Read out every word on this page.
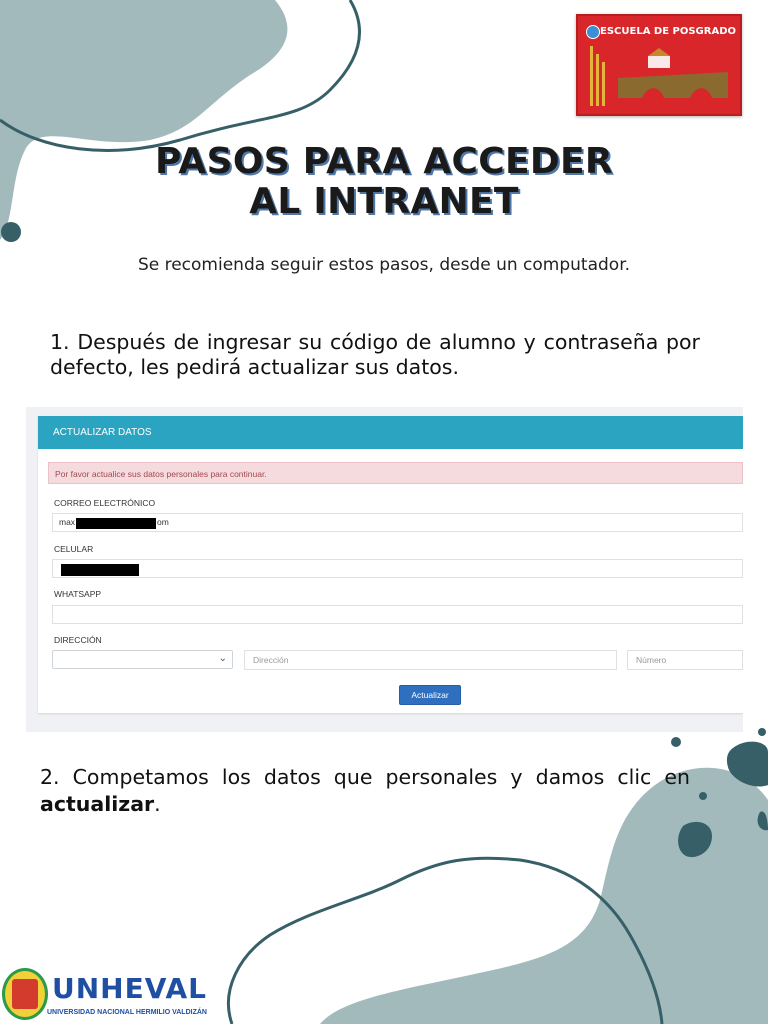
ESCUELA DE POSGRADO
PASOS PARA ACCEDER
AL INTRANET

Se recomienda seguir estos pasos, desde un computador.

1. Después de ingresar su código de alumno y contraseña por defecto, les pedirá actualizar sus datos.

ACTUALIZAR DATOS
Por favor actualice sus datos personales para continuar.
CORREO ELECTRÓNICO
max	om
CELULAR
WHATSAPP
DIRECCIÓN
⌄	Dirección	Número
Actualizar

2. Competamos los datos que personales y damos clic en actualizar.

UNHEVAL
UNIVERSIDAD NACIONAL HERMILIO VALDIZÁN
